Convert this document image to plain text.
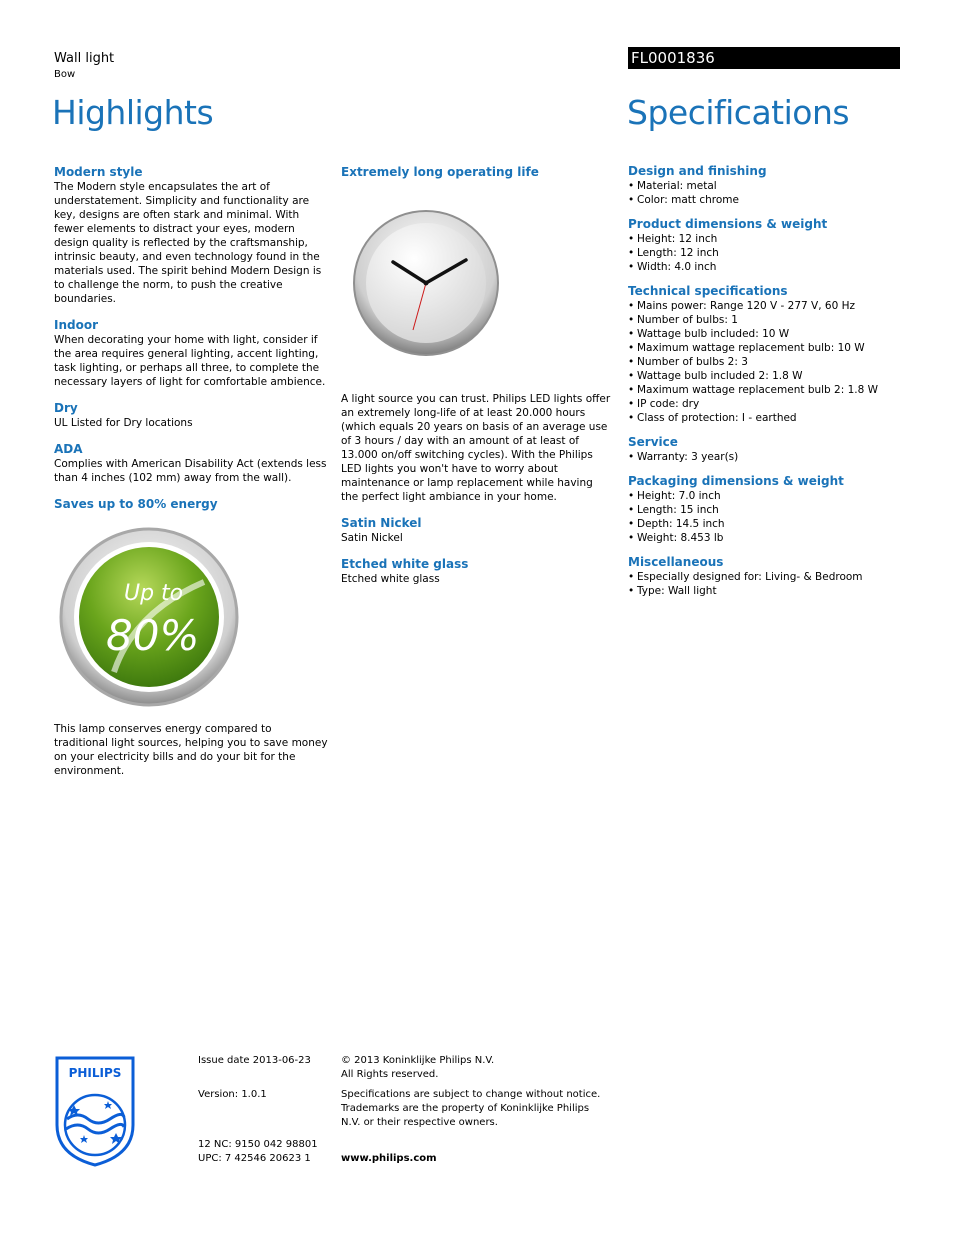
Wall light
Bow
Highlights
FL0001836
Specifications
Modern style
The Modern style encapsulates the art of understatement. Simplicity and functionality are key, designs are often stark and minimal. With fewer elements to distract your eyes, modern design quality is reflected by the craftsmanship, intrinsic beauty, and even technology found in the materials used. The spirit behind Modern Design is to challenge the norm, to push the creative boundaries.
Indoor
When decorating your home with light, consider if the area requires general lighting, accent lighting, task lighting, or perhaps all three, to complete the necessary layers of light for comfortable ambience.
Dry
UL Listed for Dry locations
ADA
Complies with American Disability Act (extends less than 4 inches (102 mm) away from the wall).
Saves up to 80% energy
Up to
80%
This lamp conserves energy compared to traditional light sources, helping you to save money on your electricity bills and do your bit for the environment.
Extremely long operating life
A light source you can trust. Philips LED lights offer an extremely long-life of at least 20.000 hours (which equals 20 years on basis of an average use of 3 hours / day with an amount of at least of 13.000 on/off switching cycles). With the Philips LED lights you won't have to worry about maintenance or lamp replacement while having the perfect light ambiance in your home.
Satin Nickel
Satin Nickel
Etched white glass
Etched white glass
Design and finishing
• Material: metal
• Color: matt chrome
Product dimensions & weight
• Height: 12 inch
• Length: 12 inch
• Width: 4.0 inch
Technical specifications
• Mains power: Range 120 V - 277 V, 60 Hz
• Number of bulbs: 1
• Wattage bulb included: 10 W
• Maximum wattage replacement bulb: 10 W
• Number of bulbs 2: 3
• Wattage bulb included 2: 1.8 W
• Maximum wattage replacement bulb 2: 1.8 W
• IP code: dry
• Class of protection: I - earthed
Service
• Warranty: 3 year(s)
Packaging dimensions & weight
• Height: 7.0 inch
• Length: 15 inch
• Depth: 14.5 inch
• Weight: 8.453 lb
Miscellaneous
• Especially designed for: Living- & Bedroom
• Type: Wall light
PHILIPS
Issue date 2013-06-23
Version: 1.0.1
12 NC: 9150 042 98801
UPC: 7 42546 20623 1
© 2013 Koninklijke Philips N.V.
All Rights reserved.
Specifications are subject to change without notice. Trademarks are the property of Koninklijke Philips N.V. or their respective owners.
www.philips.com
